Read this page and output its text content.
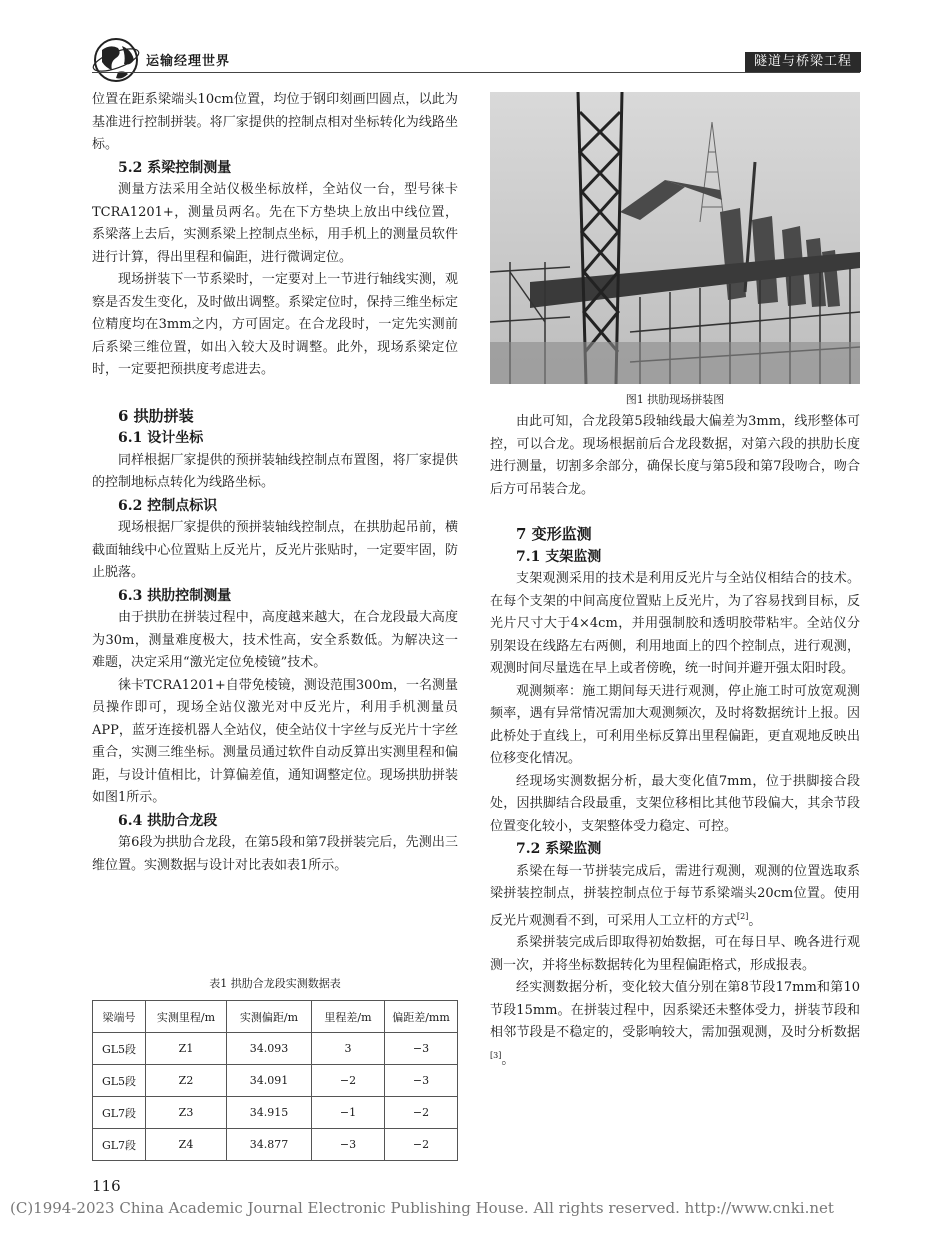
运输经理世界	隧道与桥梁工程

位置在距系梁端头10cm位置，均位于钢印刻画凹圆点，以此为基准进行控制拼装。将厂家提供的控制点相对坐标转化为线路坐标。

5.2 系梁控制测量

测量方法采用全站仪极坐标放样，全站仪一台，型号徕卡TCRA1201+，测量员两名。先在下方垫块上放出中线位置，系梁落上去后，实测系梁上控制点坐标，用手机上的测量员软件进行计算，得出里程和偏距，进行微调定位。

现场拼装下一节系梁时，一定要对上一节进行轴线实测，观察是否发生变化，及时做出调整。系梁定位时，保持三维坐标定位精度均在3mm之内，方可固定。在合龙段时，一定先实测前后系梁三维位置，如出入较大及时调整。此外，现场系梁定位时，一定要把预拱度考虑进去。

6 拱肋拼装

6.1 设计坐标

同样根据厂家提供的预拼装轴线控制点布置图，将厂家提供的控制地标点转化为线路坐标。

6.2 控制点标识

现场根据厂家提供的预拼装轴线控制点，在拱肋起吊前，横截面轴线中心位置贴上反光片，反光片张贴时，一定要牢固，防止脱落。

6.3 拱肋控制测量

由于拱肋在拼装过程中，高度越来越大，在合龙段最大高度为30m，测量难度极大，技术性高，安全系数低。为解决这一难题，决定采用“激光定位免棱镜”技术。

徕卡TCRA1201+自带免棱镜，测设范围300m，一名测量员操作即可，现场全站仪激光对中反光片，利用手机测量员APP，蓝牙连接机器人全站仪，使全站仪十字丝与反光片十字丝重合，实测三维坐标。测量员通过软件自动反算出实测里程和偏距，与设计值相比，计算偏差值，通知调整定位。现场拱肋拼装如图1所示。

6.4 拱肋合龙段

第6段为拱肋合龙段，在第5段和第7段拼装完后，先测出三维位置。实测数据与设计对比表如表1所示。

表1 拱肋合龙段实测数据表
梁端号	实测里程/m	实测偏距/m	里程差/m	偏距差/mm
GL5段	Z1	34.093	3	−3
GL5段	Z2	34.091	−2	−3
GL7段	Z3	34.915	−1	−2
GL7段	Z4	34.877	−3	−2
图1 拱肋现场拼装图

由此可知，合龙段第5段轴线最大偏差为3mm，线形整体可控，可以合龙。现场根据前后合龙段数据，对第六段的拱肋长度进行测量，切割多余部分，确保长度与第5段和第7段吻合，吻合后方可吊装合龙。

7 变形监测

7.1 支架监测

支架观测采用的技术是利用反光片与全站仪相结合的技术。在每个支架的中间高度位置贴上反光片，为了容易找到目标，反光片尺寸大于4×4cm，并用强制胶和透明胶带粘牢。全站仪分别架设在线路左右两侧，利用地面上的四个控制点，进行观测，观测时间尽量选在早上或者傍晚，统一时间并避开强太阳时段。

观测频率：施工期间每天进行观测，停止施工时可放宽观测频率，遇有异常情况需加大观测频次，及时将数据统计上报。因此桥处于直线上，可利用坐标反算出里程偏距，更直观地反映出位移变化情况。

经现场实测数据分析，最大变化值7mm，位于拱脚接合段处，因拱脚结合段最重，支架位移相比其他节段偏大，其余节段位置变化较小，支架整体受力稳定、可控。

7.2 系梁监测

系梁在每一节拼装完成后，需进行观测，观测的位置选取系梁拼装控制点，拼装控制点位于每节系梁端头20cm位置。使用反光片观测看不到，可采用人工立杆的方式[2]。

系梁拼装完成后即取得初始数据，可在每日早、晚各进行观测一次，并将坐标数据转化为里程偏距格式，形成报表。

经实测数据分析，变化较大值分别在第8节段17mm和第10节段15mm。在拼装过程中，因系梁还未整体受力，拼装节段和相邻节段是不稳定的，受影响较大，需加强观测，及时分析数据[3]。

116
(C)1994-2023 China Academic Journal Electronic Publishing House. All rights reserved. http://www.cnki.net
